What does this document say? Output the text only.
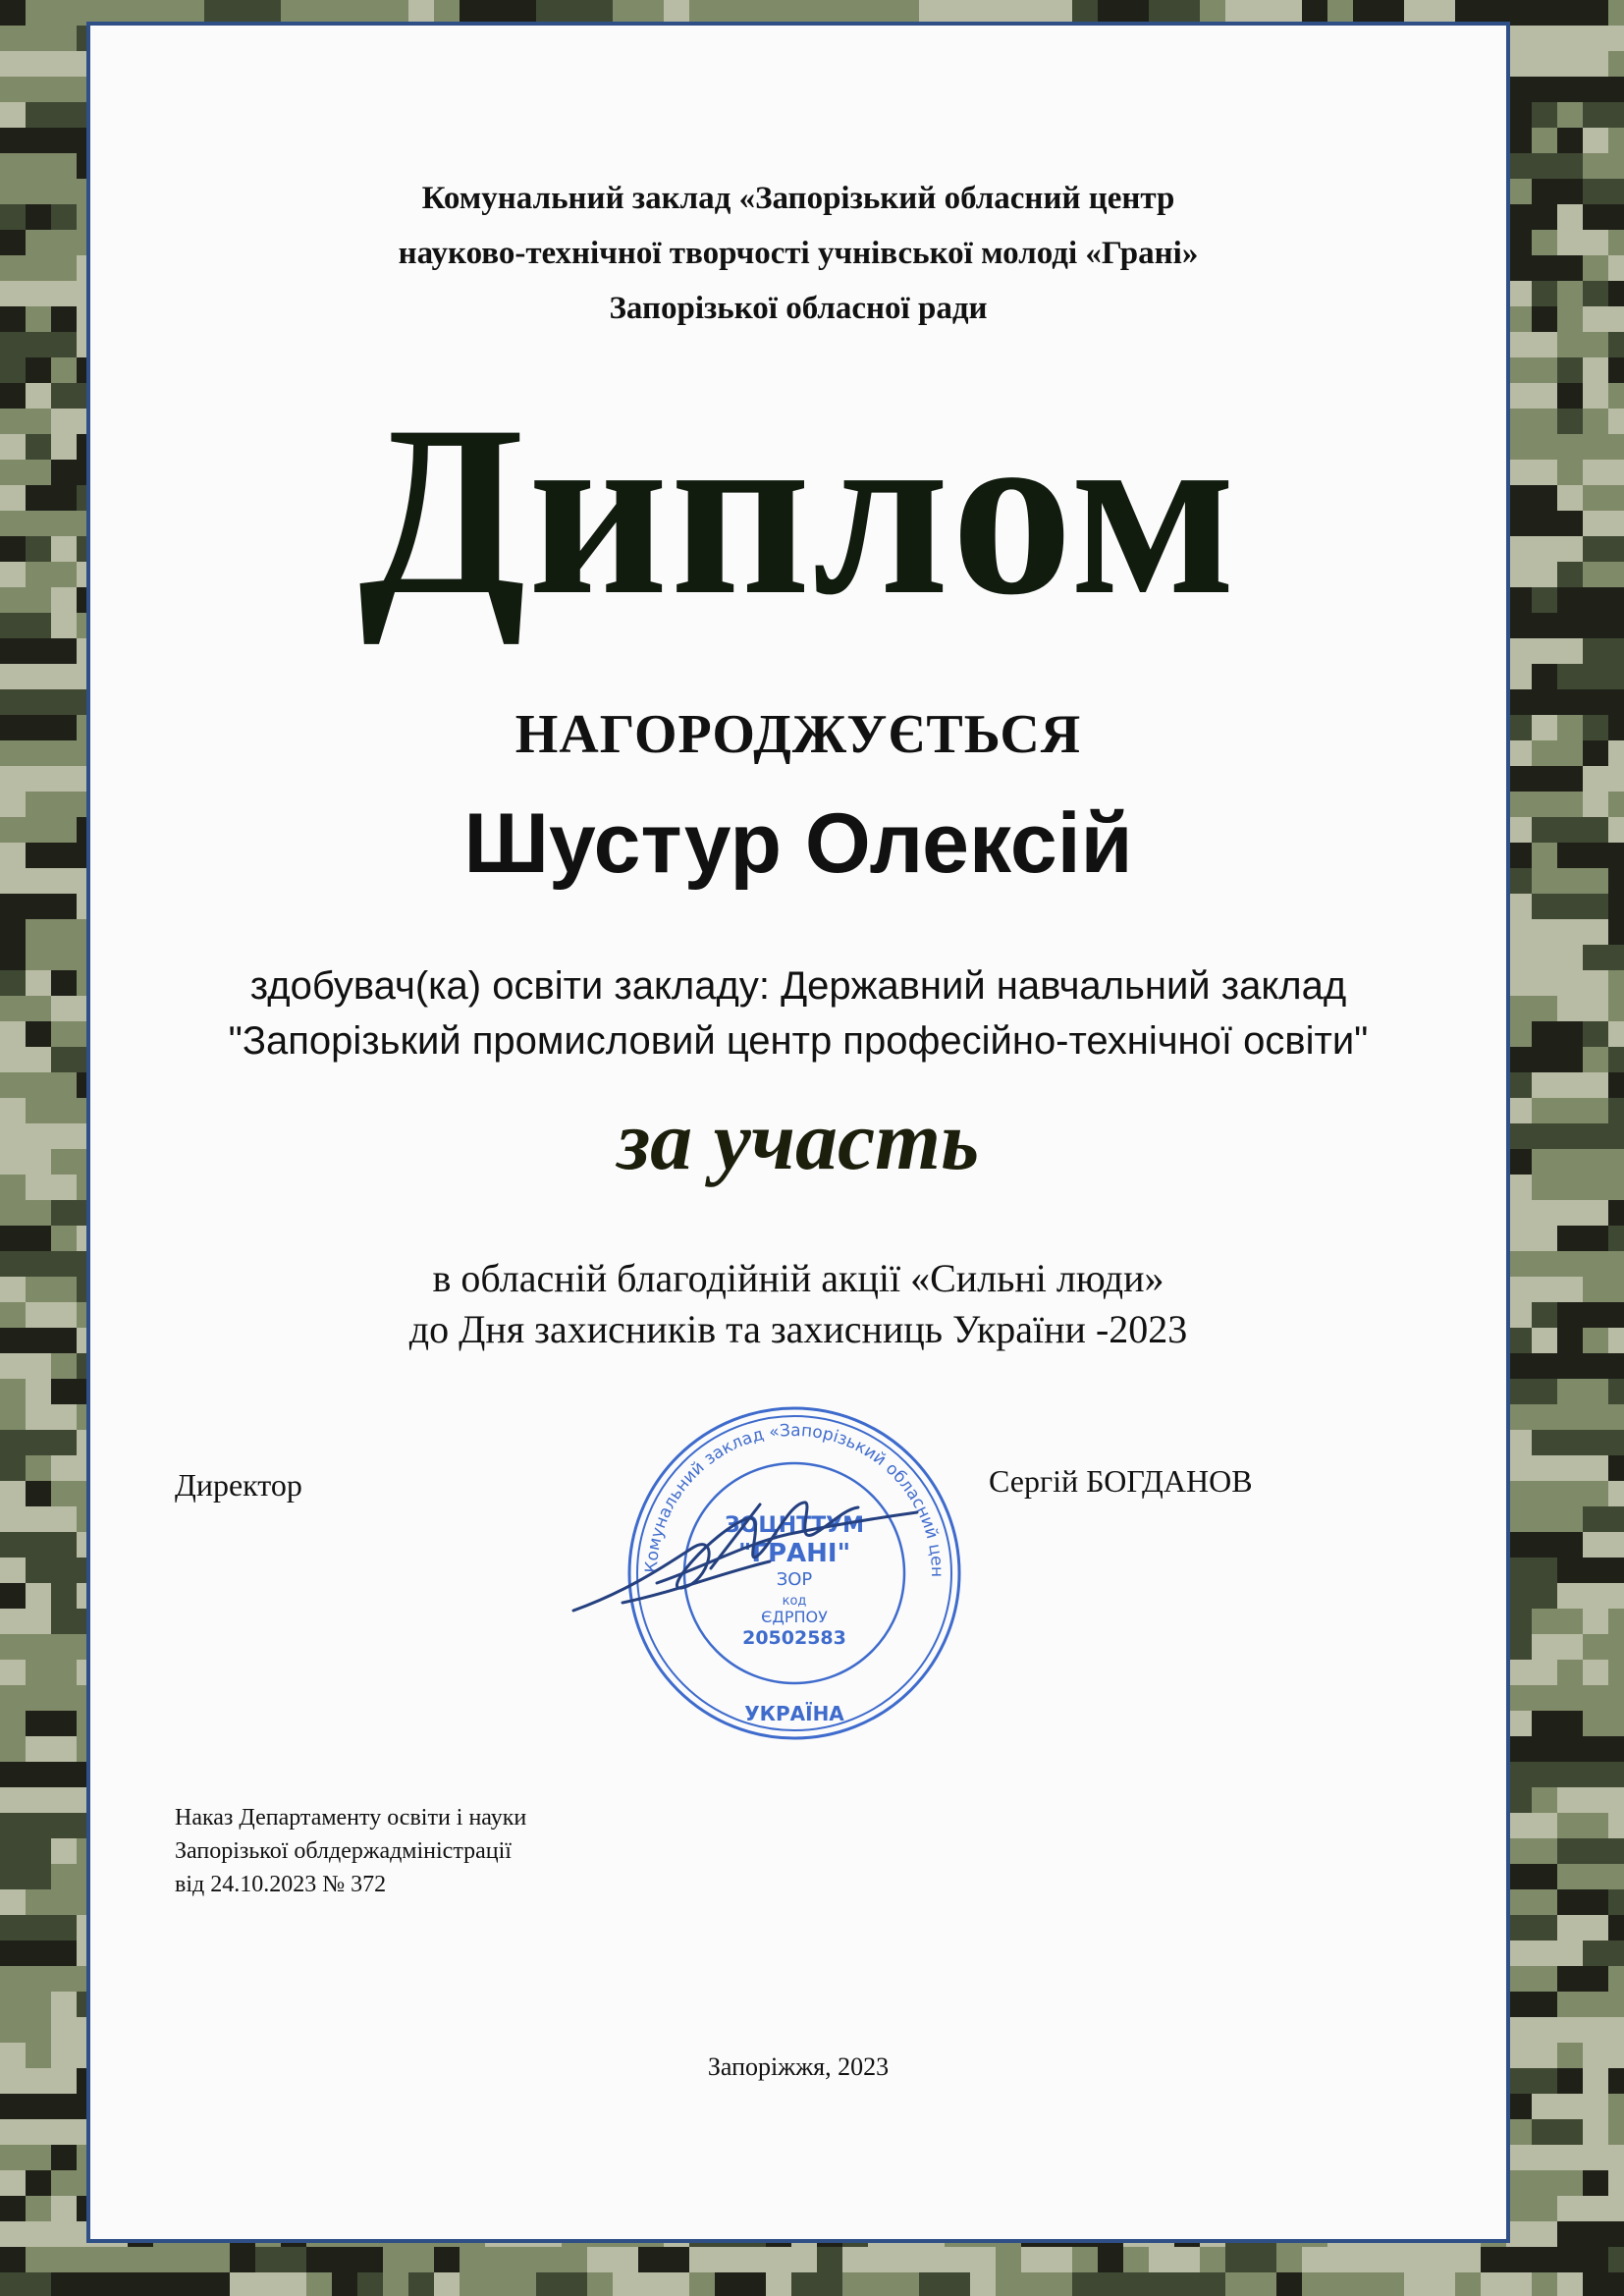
Комунальний заклад «Запорізький обласний центр
науково-технічної творчості учнівської молоді «Грані»
Запорізької обласної ради
Диплом
НАГОРОДЖУЄТЬСЯ
Шустур Олексій
здобувач(ка) освіти закладу: Державний навчальний заклад
"Запорізький промисловий центр професійно-технічної освіти"
за участь
в обласній благодійній акції «Сильні люди»
до Дня захисників та захисниць України -2023
Директор	Сергій БОГДАНОВ
Комунальний заклад «Запорізький обласний цен
ЗОЦНТТУМ
"ГРАНІ"
ЗОР
код
ЄДРПОУ
20502583
УКРАЇНА
Наказ Департаменту освіти і науки
Запорізької облдержадміністрації
від 24.10.2023 № 372
Запоріжжя, 2023
